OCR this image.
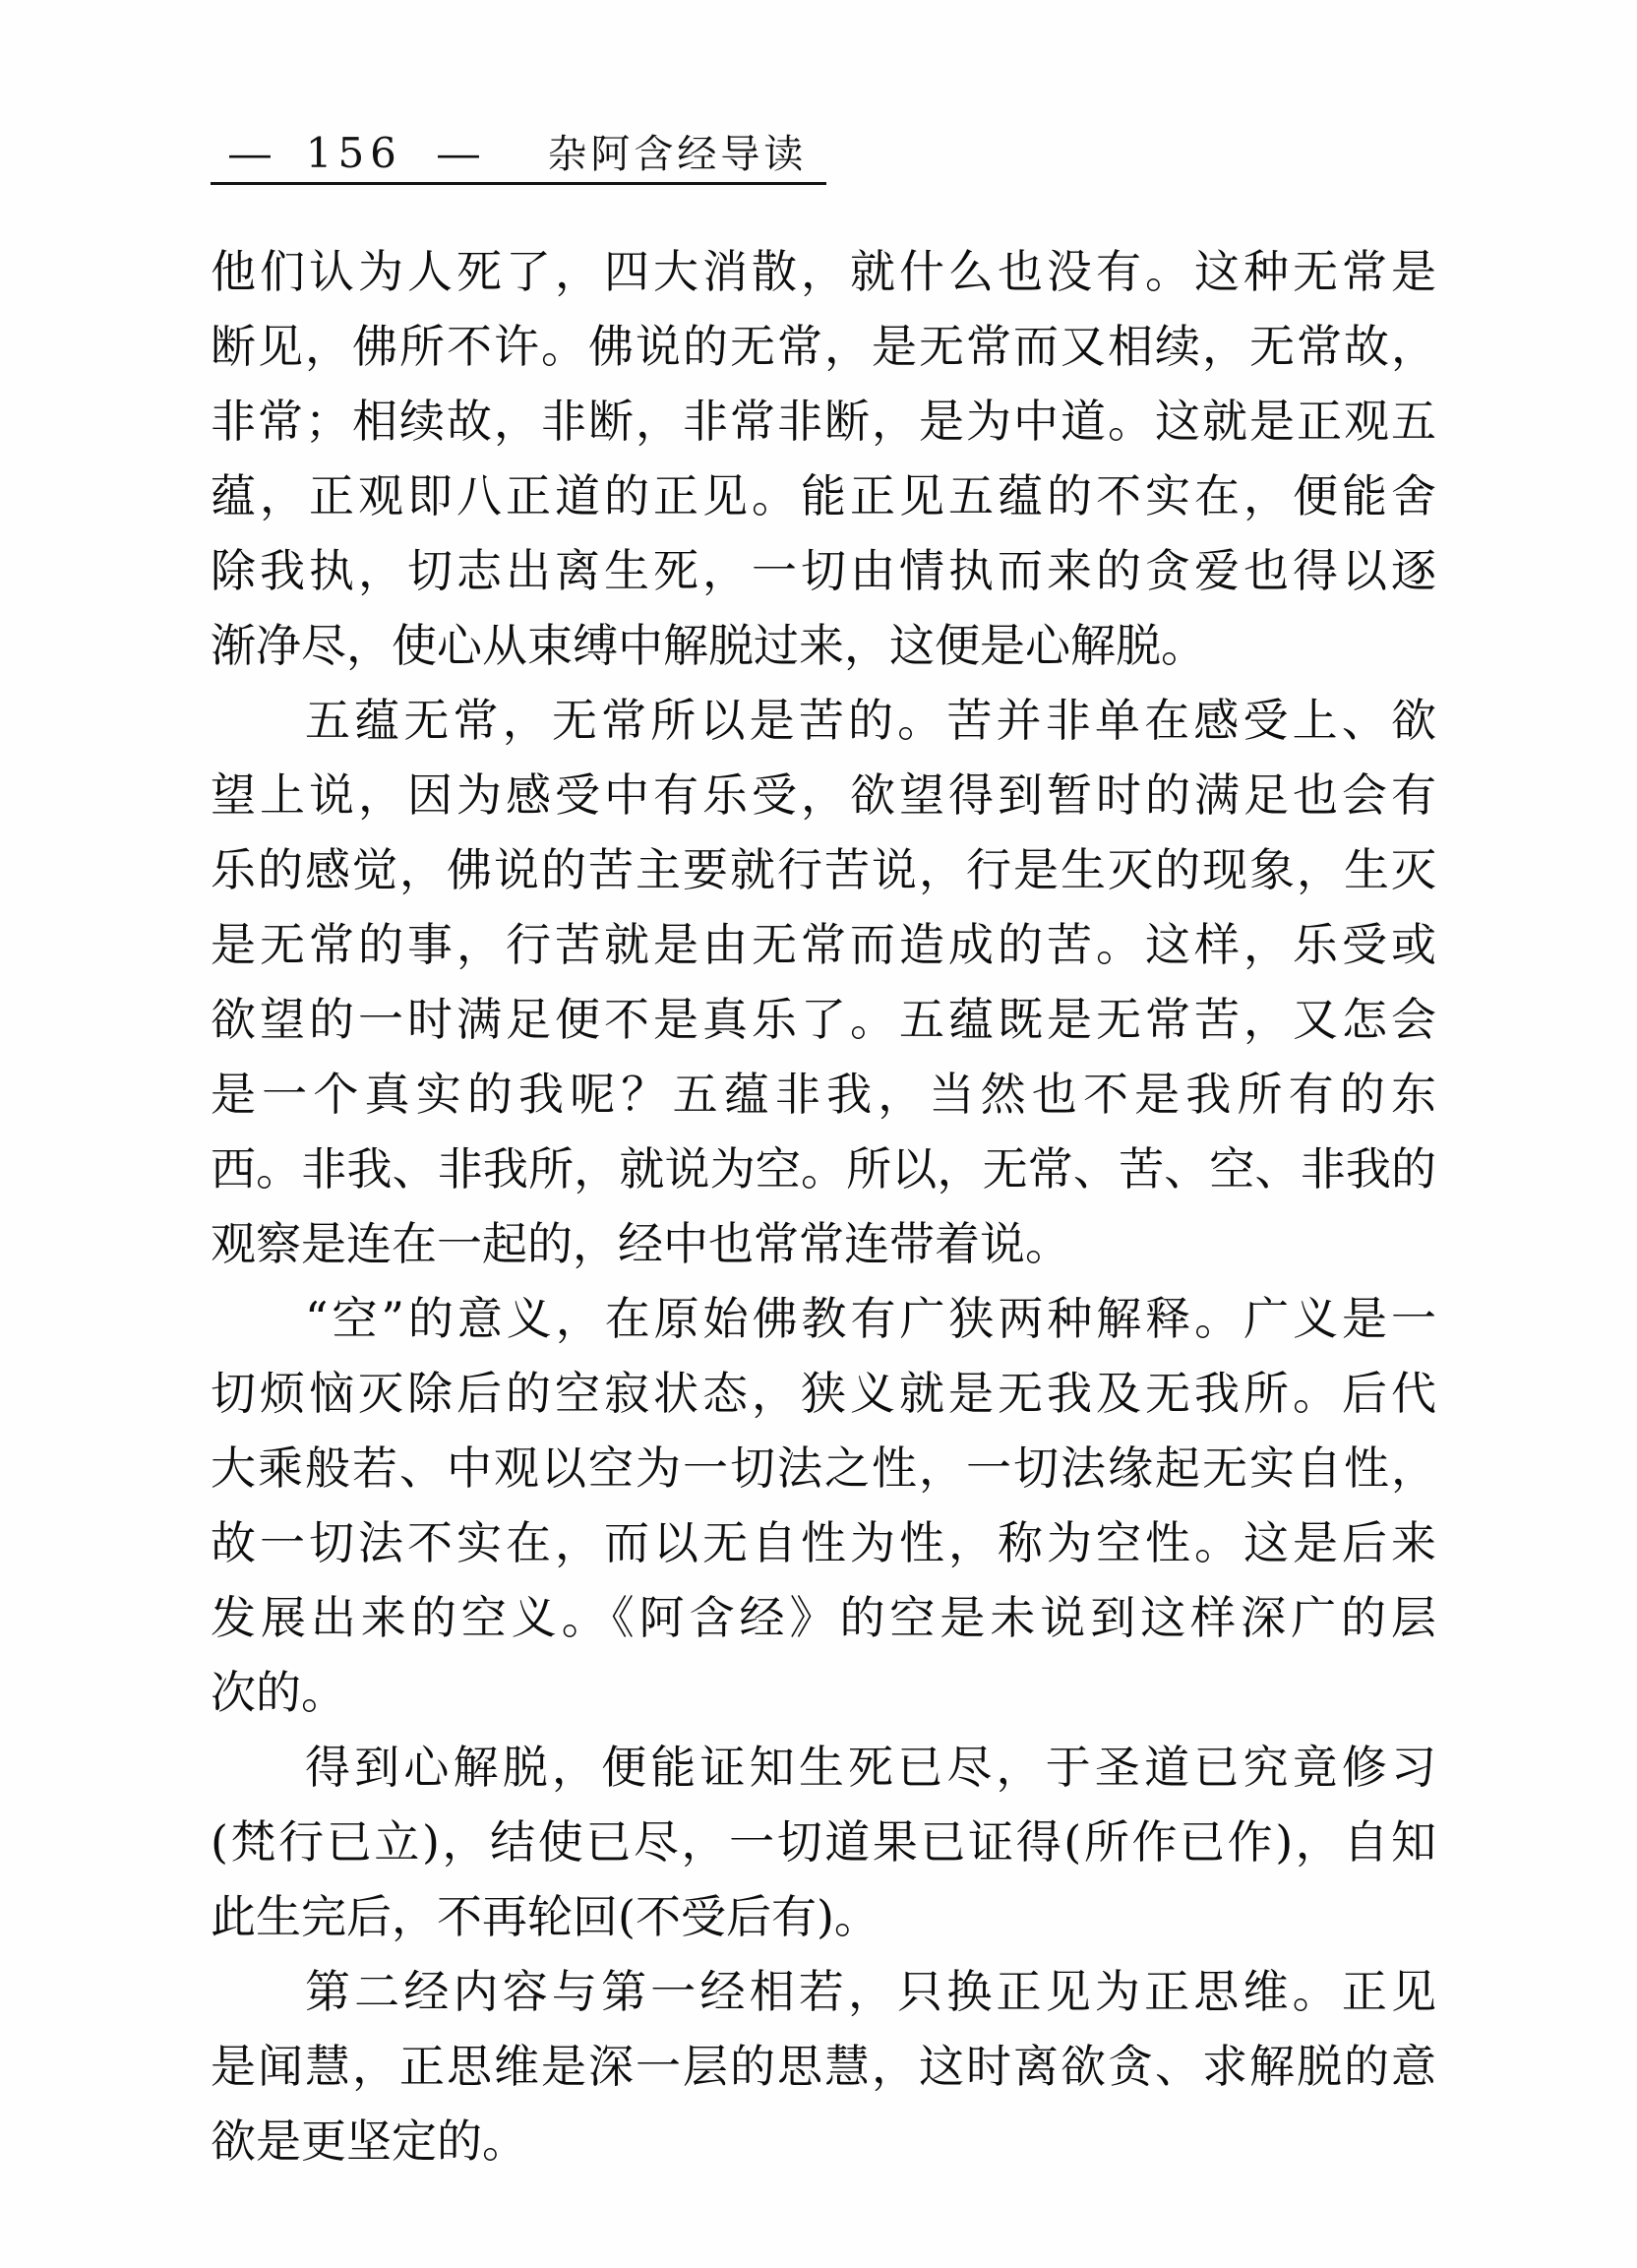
— 156 — 杂阿含经导读
他们认为人死了，四大消散，就什么也没有。这种无常是
断见，佛所不许。佛说的无常，是无常而又相续，无常故，
非常；相续故，非断，非常非断，是为中道。这就是正观五
蕴，正观即八正道的正见。能正见五蕴的不实在，便能舍
除我执，切志出离生死，一切由情执而来的贪爱也得以逐
渐净尽，使心从束缚中解脱过来，这便是心解脱。
五蕴无常，无常所以是苦的。苦并非单在感受上、欲
望上说，因为感受中有乐受，欲望得到暂时的满足也会有
乐的感觉，佛说的苦主要就行苦说，行是生灭的现象，生灭
是无常的事，行苦就是由无常而造成的苦。这样，乐受或
欲望的一时满足便不是真乐了。五蕴既是无常苦，又怎会
是一个真实的我呢？五蕴非我，当然也不是我所有的东
西。非我、非我所，就说为空。所以，无常、苦、空、非我的
观察是连在一起的，经中也常常连带着说。
“空”的意义，在原始佛教有广狭两种解释。广义是一
切烦恼灭除后的空寂状态，狭义就是无我及无我所。后代
大乘般若、中观以空为一切法之性，一切法缘起无实自性，
故一切法不实在，而以无自性为性，称为空性。这是后来
发展出来的空义。《阿含经》的空是未说到这样深广的层
次的。
得到心解脱，便能证知生死已尽，于圣道已究竟修习
(梵行已立)，结使已尽，一切道果已证得(所作已作)，自知
此生完后，不再轮回(不受后有)。
第二经内容与第一经相若，只换正见为正思维。正见
是闻慧，正思维是深一层的思慧，这时离欲贪、求解脱的意
欲是更坚定的。
